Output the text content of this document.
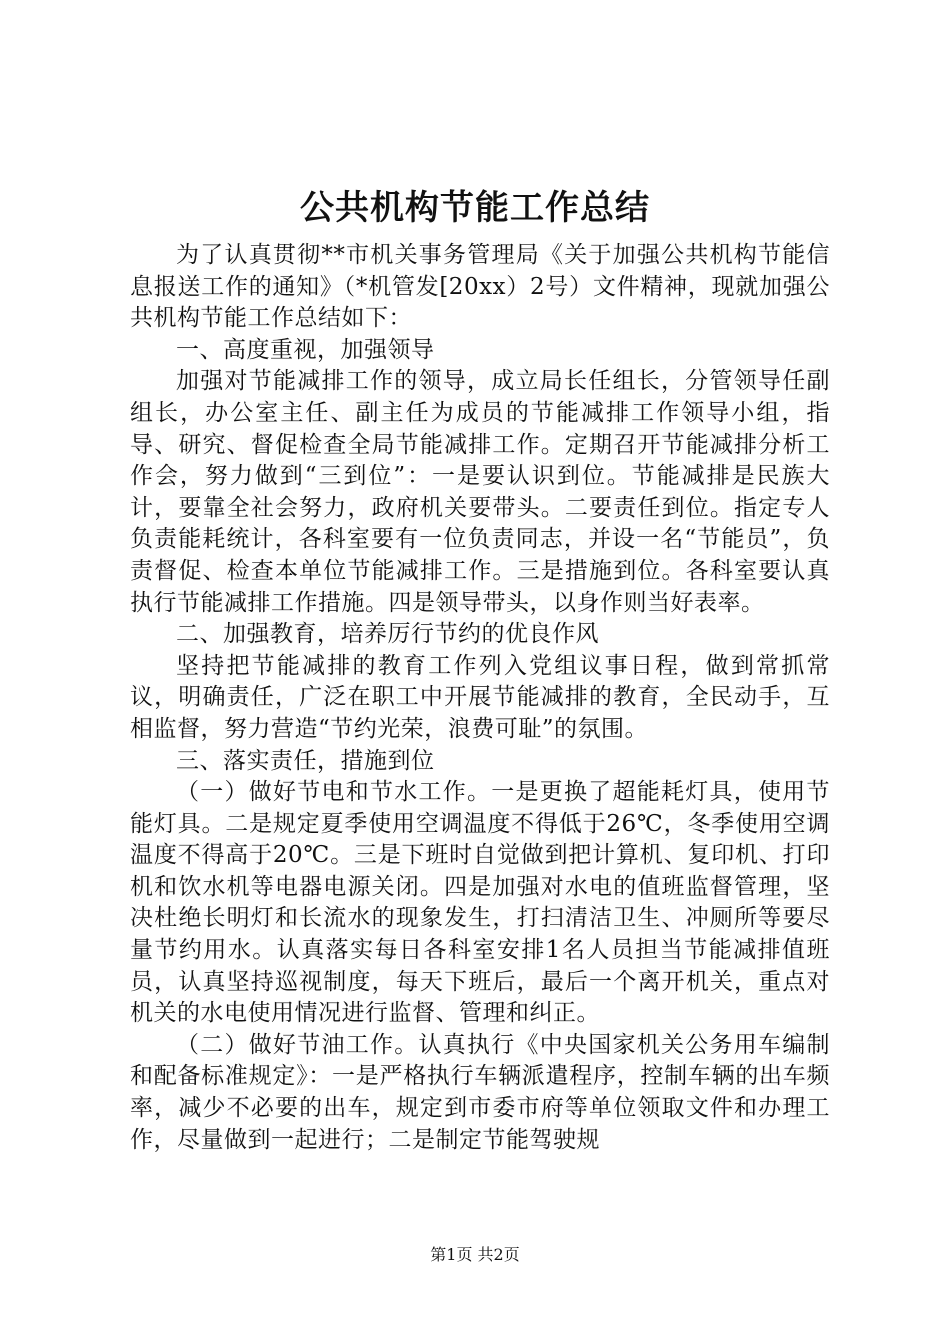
公共机构节能工作总结

为了认真贯彻**市机关事务管理局《关于加强公共机构节能信息报送工作的通知》（*机管发[20xx）2号）文件精神，现就加强公共机构节能工作总结如下：

一、高度重视，加强领导

加强对节能减排工作的领导，成立局长任组长，分管领导任副组长，办公室主任、副主任为成员的节能减排工作领导小组，指导、研究、督促检查全局节能减排工作。定期召开节能减排分析工作会，努力做到“三到位”：一是要认识到位。节能减排是民族大计，要靠全社会努力，政府机关要带头。二要责任到位。指定专人负责能耗统计，各科室要有一位负责同志，并设一名“节能员”，负责督促、检查本单位节能减排工作。三是措施到位。各科室要认真执行节能减排工作措施。四是领导带头，以身作则当好表率。

二、加强教育，培养厉行节约的优良作风

坚持把节能减排的教育工作列入党组议事日程，做到常抓常议，明确责任，广泛在职工中开展节能减排的教育，全民动手，互相监督，努力营造“节约光荣，浪费可耻”的氛围。

三、落实责任，措施到位

（一）做好节电和节水工作。一是更换了超能耗灯具，使用节能灯具。二是规定夏季使用空调温度不得低于26℃，冬季使用空调温度不得高于20℃。三是下班时自觉做到把计算机、复印机、打印机和饮水机等电器电源关闭。四是加强对水电的值班监督管理，坚决杜绝长明灯和长流水的现象发生，打扫清洁卫生、冲厕所等要尽量节约用水。认真落实每日各科室安排1名人员担当节能减排值班员，认真坚持巡视制度，每天下班后，最后一个离开机关，重点对机关的水电使用情况进行监督、管理和纠正。

（二）做好节油工作。认真执行《中央国家机关公务用车编制和配备标准规定》：一是严格执行车辆派遣程序，控制车辆的出车频率，减少不必要的出车，规定到市委市府等单位领取文件和办理工作，尽量做到一起进行；二是制定节能驾驶规

第1页 共2页
